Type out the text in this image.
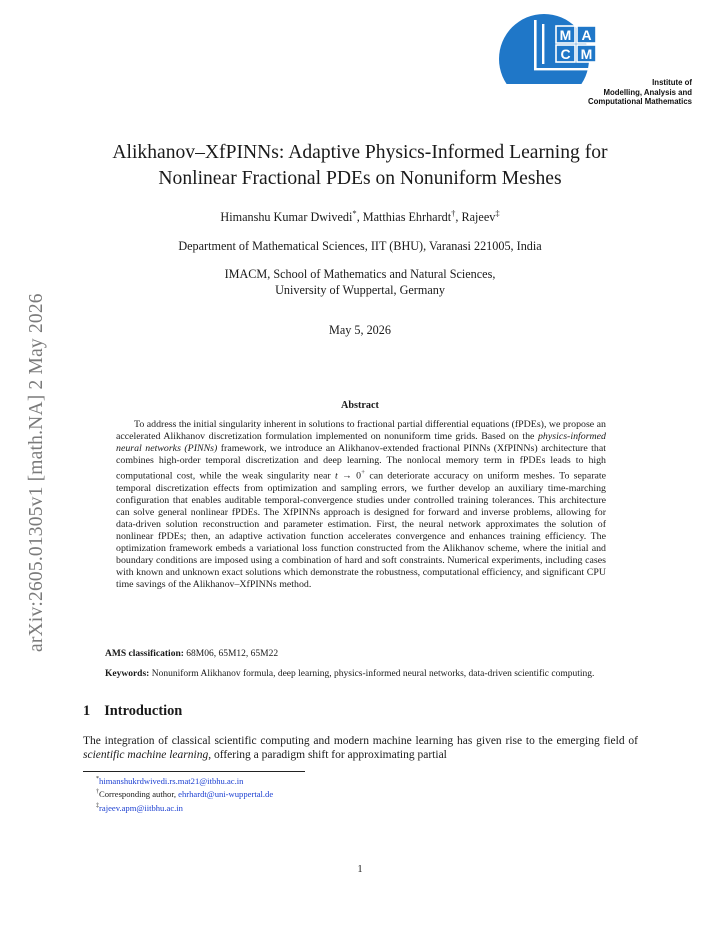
arXiv:2605.01305v1 [math.NA] 2 May 2026
M A
C M
Institute of
Modelling, Analysis and
Computational Mathematics
Alikhanov–XfPINNs: Adaptive Physics-Informed Learning for
Nonlinear Fractional PDEs on Nonuniform Meshes
Himanshu Kumar Dwivedi*, Matthias Ehrhardt†, Rajeev‡
Department of Mathematical Sciences, IIT (BHU), Varanasi 221005, India
IMACM, School of Mathematics and Natural Sciences,
University of Wuppertal, Germany
May 5, 2026
Abstract

To address the initial singularity inherent in solutions to fractional partial differential equations (fPDEs), we propose an accelerated Alikhanov discretization formulation implemented on nonuniform time grids. Based on the physics-informed neural networks (PINNs) framework, we introduce an Alikhanov-extended fractional PINNs (XfPINNs) architecture that combines high-order temporal discretization and deep learning. The nonlocal memory term in fPDEs leads to high computational cost, while the weak singularity near t → 0+ can deteriorate accuracy on uniform meshes. To separate temporal discretization effects from optimization and sampling errors, we further develop an auxiliary time-marching configuration that enables auditable temporal-convergence studies under controlled training tolerances. This architecture can solve general nonlinear fPDEs. The XfPINNs approach is designed for forward and inverse problems, allowing for data-driven solution reconstruction and parameter estimation. First, the neural network approximates the solution of nonlinear fPDEs; then, an adaptive activation function accelerates convergence and enhances training efficiency. The optimization framework embeds a variational loss function constructed from the Alikhanov scheme, where the initial and boundary conditions are imposed using a combination of hard and soft constraints. Numerical experiments, including cases with known and unknown exact solutions which demonstrate the robustness, computational efficiency, and significant CPU time savings of the Alikhanov–XfPINNs method.

AMS classification: 68M06, 65M12, 65M22
Keywords: Nonuniform Alikhanov formula, deep learning, physics-informed neural networks, data-driven scientific computing.
1 Introduction

The integration of classical scientific computing and modern machine learning has given rise to the emerging field of scientific machine learning, offering a paradigm shift for approximating partial

*himanshukrdwivedi.rs.mat21@itbhu.ac.in
†Corresponding author, ehrhardt@uni-wuppertal.de
‡rajeev.apm@iitbhu.ac.in
1
